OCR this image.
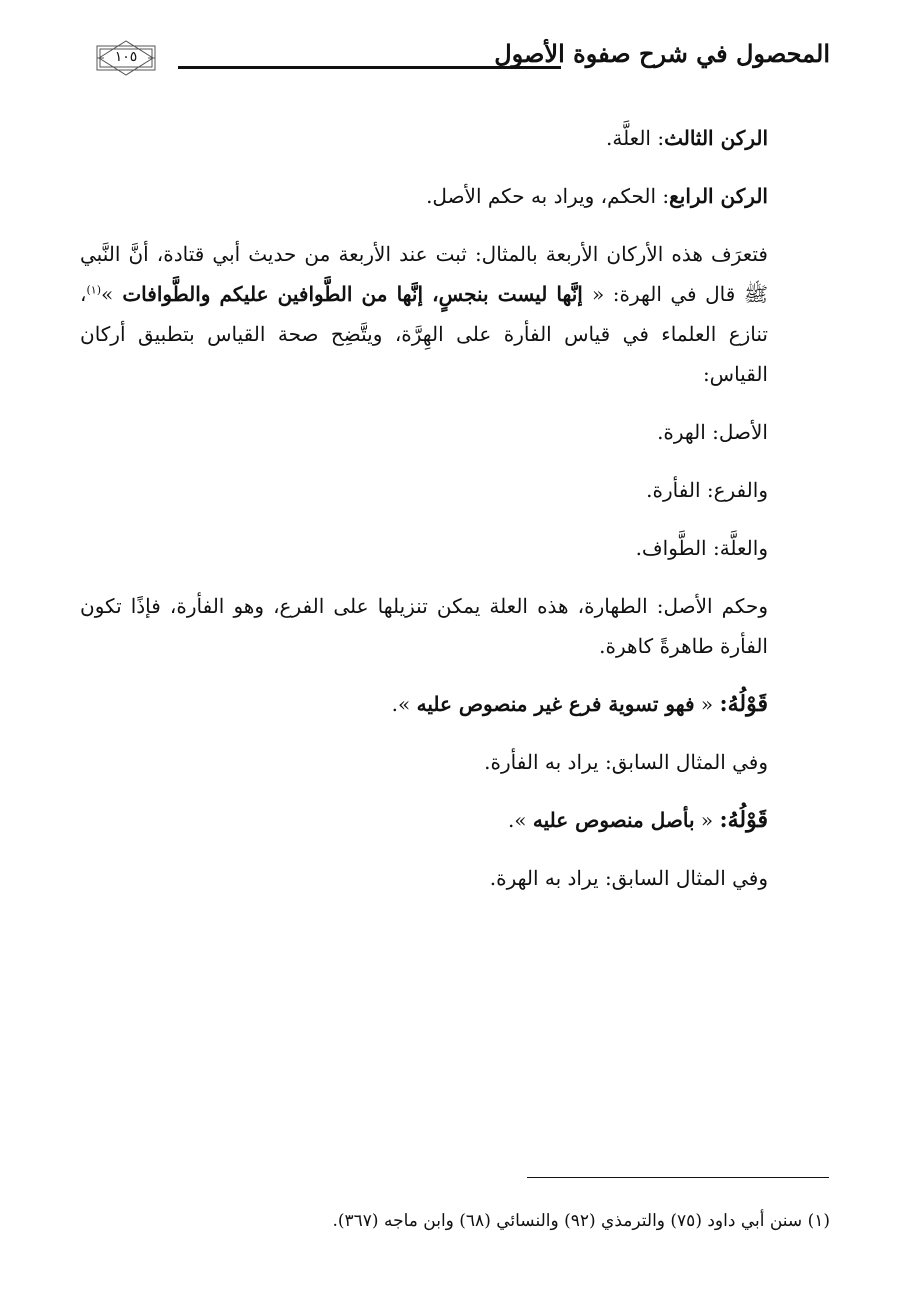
١٠٥	المحصول في شرح صفوة الأصول

الركن الثالث: العلَّة.

الركن الرابع: الحكم، ويراد به حكم الأصل.

فتعرَف هذه الأركان الأربعة بالمثال: ثبت عند الأربعة من حديث أبي قتادة، أنَّ النَّبي ﷺ قال في الهرة: « إنَّها ليست بنجسٍ، إنَّها من الطَّوافين عليكم والطَّوافات »$^{(١)}$، تنازع العلماء في قياس الفأرة على الهِرَّة، ويتَّضِح صحة القياس بتطبيق أركان القياس:

الأصل: الهرة.

والفرع: الفأرة.

والعلَّة: الطَّواف.

وحكم الأصل: الطهارة، هذه العلة يمكن تنزيلها على الفرع، وهو الفأرة، فإذًا تكون الفأرة طاهرةً كاهرة.

قَوْلُهُ: « فهو تسوية فرع غير منصوص عليه ».

وفي المثال السابق: يراد به الفأرة.

قَوْلُهُ: « بأصل منصوص عليه ».

وفي المثال السابق: يراد به الهرة.

(١) سنن أبي داود (٧٥) والترمذي (٩٢) والنسائي (٦٨) وابن ماجه (٣٦٧).
